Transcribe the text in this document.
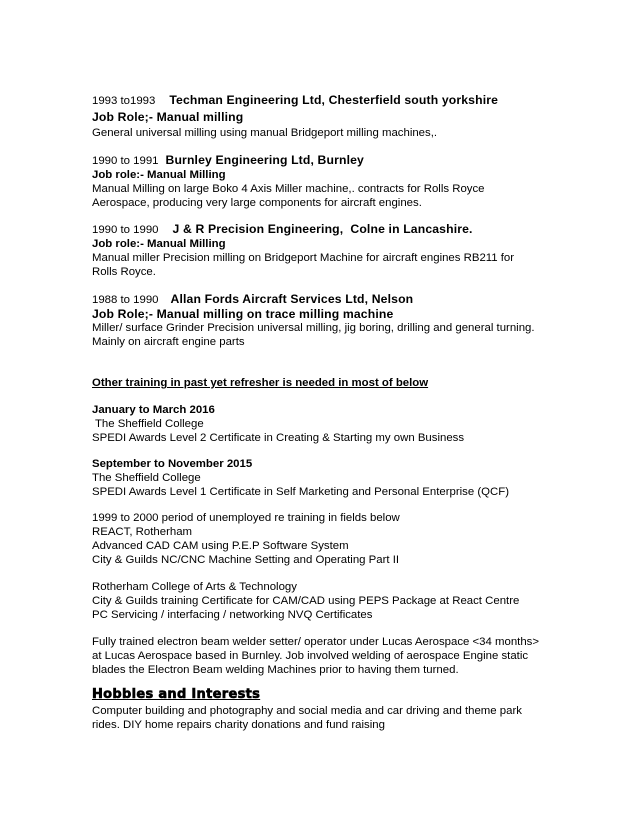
1993 to1993 Techman Engineering Ltd, Chesterfield south yorkshire
Job Role;- Manual milling
General universal milling using manual Bridgeport milling machines,.
1990 to 1991 Burnley Engineering Ltd, Burnley
Job role:- Manual Milling
Manual Milling on large Boko 4 Axis Miller machine,. contracts for Rolls Royce
Aerospace, producing very large components for aircraft engines.
1990 to 1990 J & R Precision Engineering,  Colne in Lancashire.
Job role:- Manual Milling
Manual miller Precision milling on Bridgeport Machine for aircraft engines RB211 for
Rolls Royce.
1988 to 1990 Allan Fords Aircraft Services Ltd, Nelson
Job Role;- Manual milling on trace milling machine
Miller/ surface Grinder Precision universal milling, jig boring, drilling and general turning.
Mainly on aircraft engine parts
Other training in past yet refresher is needed in most of below
January to March 2016
The Sheffield College
SPEDI Awards Level 2 Certificate in Creating & Starting my own Business
September to November 2015
The Sheffield College
SPEDI Awards Level 1 Certificate in Self Marketing and Personal Enterprise (QCF)
1999 to 2000 period of unemployed re training in fields below
REACT, Rotherham
Advanced CAD CAM using P.E.P Software System
City & Guilds NC/CNC Machine Setting and Operating Part II
Rotherham College of Arts & Technology
City & Guilds training Certificate for CAM/CAD using PEPS Package at React Centre
PC Servicing / interfacing / networking NVQ Certificates
Fully trained electron beam welder setter/ operator under Lucas Aerospace <34 months>
at Lucas Aerospace based in Burnley. Job involved welding of aerospace Engine static
blades the Electron Beam welding Machines prior to having them turned.
Hobbies and Interests
Computer building and photography and social media and car driving and theme park
rides. DIY home repairs charity donations and fund raising
